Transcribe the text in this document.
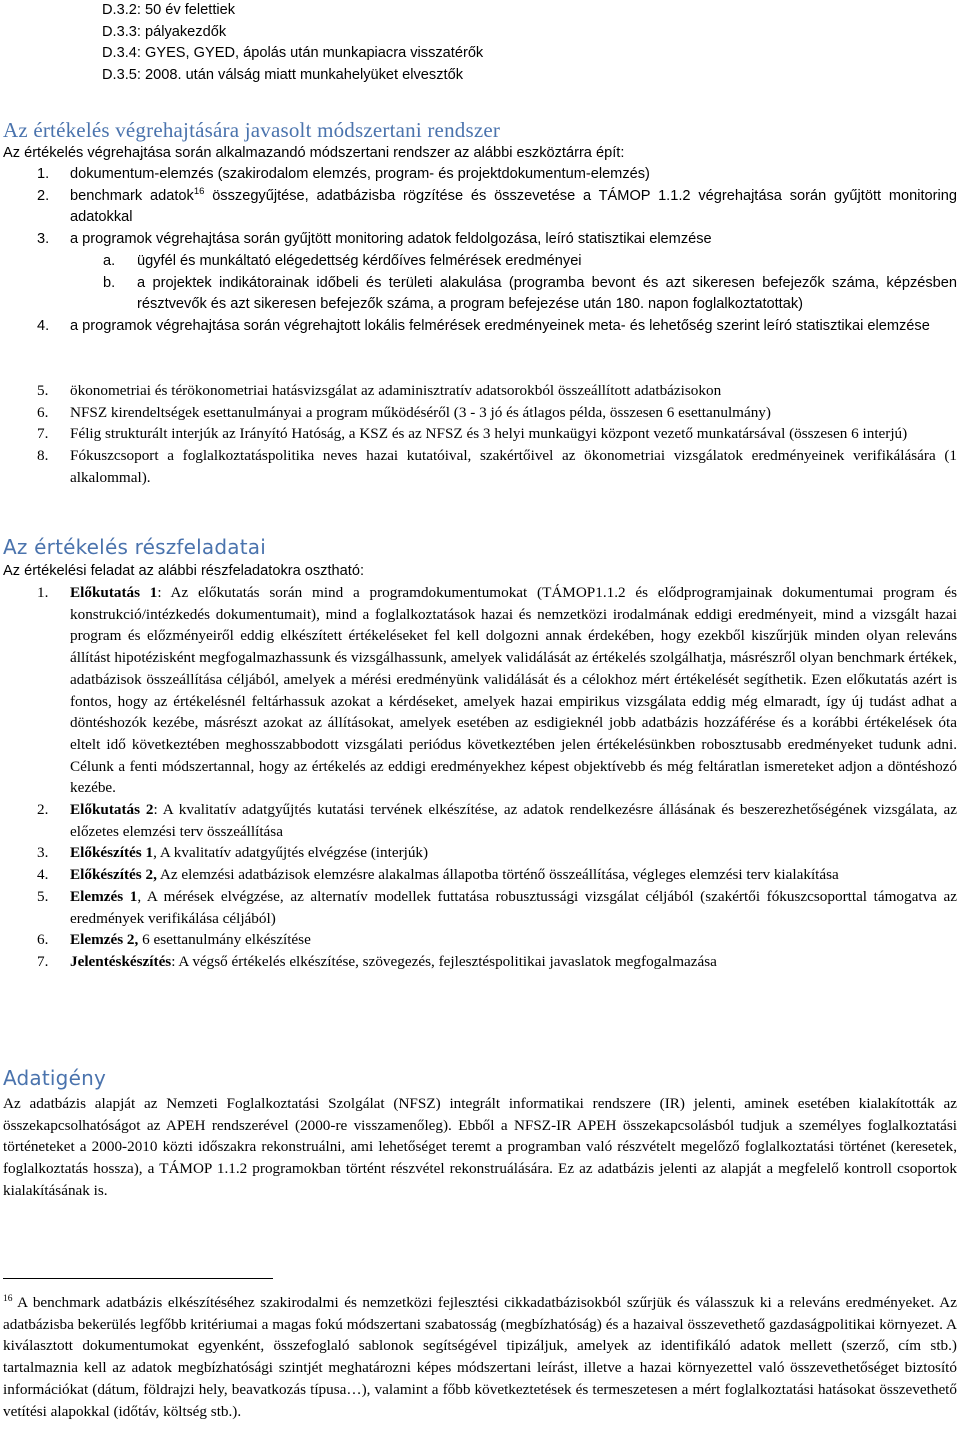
D.3.2: 50 év felettiek
D.3.3: pályakezdők
D.3.4: GYES, GYED, ápolás után munkapiacra visszatérők
D.3.5: 2008. után válság miatt munkahelyüket elvesztők
Az értékelés végrehajtására javasolt módszertani rendszer
Az értékelés végrehajtása során alkalmazandó módszertani rendszer az alábbi eszköztárra épít:
1.	dokumentum-elemzés (szakirodalom elemzés, program- és projektdokumentum-elemzés)
2.	benchmark adatok$^{16}$ összegyűjtése, adatbázisba rögzítése és összevetése a TÁMOP 1.1.2 végrehajtása során gyűjtött monitoring adatokkal
3.	a programok végrehajtása során gyűjtött monitoring adatok feldolgozása, leíró statisztikai elemzése
a.	ügyfél és munkáltató elégedettség kérdőíves felmérések eredményei
b.	a projektek indikátorainak időbeli és területi alakulása (programba bevont és azt sikeresen befejezők száma, képzésben résztvevők és azt sikeresen befejezők száma, a program befejezése után 180. napon foglalkoztatottak)
4.	a programok végrehajtása során végrehajtott lokális felmérések eredményeinek meta- és lehetőség szerint leíró statisztikai elemzése
5.	ökonometriai és térökonometriai hatásvizsgálat az adaminisztratív adatsorokból összeállított adatbázisokon
6.	NFSZ kirendeltségek esettanulmányai a program működéséről (3 - 3 jó és átlagos példa, összesen 6 esettanulmány)
7.	Félig strukturált interjúk az Irányító Hatóság, a KSZ és az NFSZ és 3 helyi munkaügyi központ vezető munkatársával (összesen 6 interjú)
8.	Fókuszcsoport a foglalkoztatáspolitika neves hazai kutatóival, szakértőivel az ökonometriai vizsgálatok eredményeinek verifikálására (1 alkalommal).
Az értékelés részfeladatai
Az értékelési feladat az alábbi részfeladatokra osztható:
1.	Előkutatás 1: Az előkutatás során mind a programdokumentumokat (TÁMOP1.1.2 és elődprogramjainak dokumentumai program és konstrukció/intézkedés dokumentumait), mind a foglalkoztatások hazai és nemzetközi irodalmának eddigi eredményeit, mind a vizsgált hazai program és előzményeiről eddig elkészített értékeléseket fel kell dolgozni annak érdekében, hogy ezekből kiszűrjük minden olyan releváns állítást hipotézisként megfogalmazhassunk és vizsgálhassunk, amelyek validálását az értékelés szolgálhatja, másrészről olyan benchmark értékek, adatbázisok összeállítása céljából, amelyek a mérési eredményünk validálását és a célokhoz mért értékelését segíthetik. Ezen előkutatás azért is fontos, hogy az értékelésnél feltárhassuk azokat a kérdéseket, amelyek hazai empirikus vizsgálata eddig még elmaradt, így új tudást adhat a döntéshozók kezébe, másrészt azokat az állításokat, amelyek esetében az esdigieknél jobb adatbázis hozzáférése és a korábbi értékelések óta eltelt idő következtében meghosszabbodott vizsgálati periódus következtében jelen értékelésünkben robosztusabb eredményeket tudunk adni. Célunk a fenti módszertannal, hogy az értékelés az eddigi eredményekhez képest objektívebb és még feltáratlan ismereteket adjon a döntéshozó kezébe.
2.	Előkutatás 2: A kvalitatív adatgyűjtés kutatási tervének elkészítése, az adatok rendelkezésre állásának és beszerezhetőségének vizsgálata, az előzetes elemzési terv összeállítása
3.	Előkészítés 1, A kvalitatív adatgyűjtés elvégzése (interjúk)
4.	Előkészítés 2, Az elemzési adatbázisok elemzésre alakalmas állapotba történő összeállítása, végleges elemzési terv kialakítása
5.	Elemzés 1, A mérések elvégzése, az alternatív modellek futtatása robusztussági vizsgálat céljából (szakértői fókuszcsoporttal támogatva az eredmények verifikálása céljából)
6.	Elemzés 2, 6 esettanulmány elkészítése
7.	Jelentéskészítés: A végső értékelés elkészítése, szövegezés, fejlesztéspolitikai javaslatok megfogalmazása
Adatigény
Az adatbázis alapját az Nemzeti Foglalkoztatási Szolgálat (NFSZ) integrált informatikai rendszere (IR) jelenti, aminek esetében kialakították az összekapcsolhatóságot az APEH rendszerével (2000-re visszamenőleg). Ebből a NFSZ-IR APEH összekapcsolásból tudjuk a személyes foglalkoztatási történeteket a 2000-2010 közti időszakra rekonstruálni, ami lehetőséget teremt a programban való részvételt megelőző foglalkoztatási történet (keresetek, foglalkoztatás hossza), a TÁMOP 1.1.2 programokban történt részvétel rekonstruálására. Ez az adatbázis jelenti az alapját a megfelelő kontroll csoportok kialakításának is.
$^{16}$ A benchmark adatbázis elkészítéséhez szakirodalmi és nemzetközi fejlesztési cikkadatbázisokból szűrjük és válasszuk ki a releváns eredményeket. Az adatbázisba bekerülés legfőbb kritériumai a magas fokú módszertani szabatosság (megbízhatóság) és a hazaival összevethető gazdaságpolitikai környezet. A kiválasztott dokumentumokat egyenként, összefoglaló sablonok segítségével tipizáljuk, amelyek az identifikáló adatok mellett (szerző, cím stb.) tartalmazniа kell az adatok megbízhatóságі szintjét meghatározni képes módszertani leírást, illetve a hazai környezettel való összevethetőséget biztosító információkat (dátum, földrajzi hely, beavatkozás típusa…), valamint a főbb következtetések és termeszetesen a mért foglalkoztatási hatásokat összevethető vetítési alapokkal (időtáv, költség stb.).
